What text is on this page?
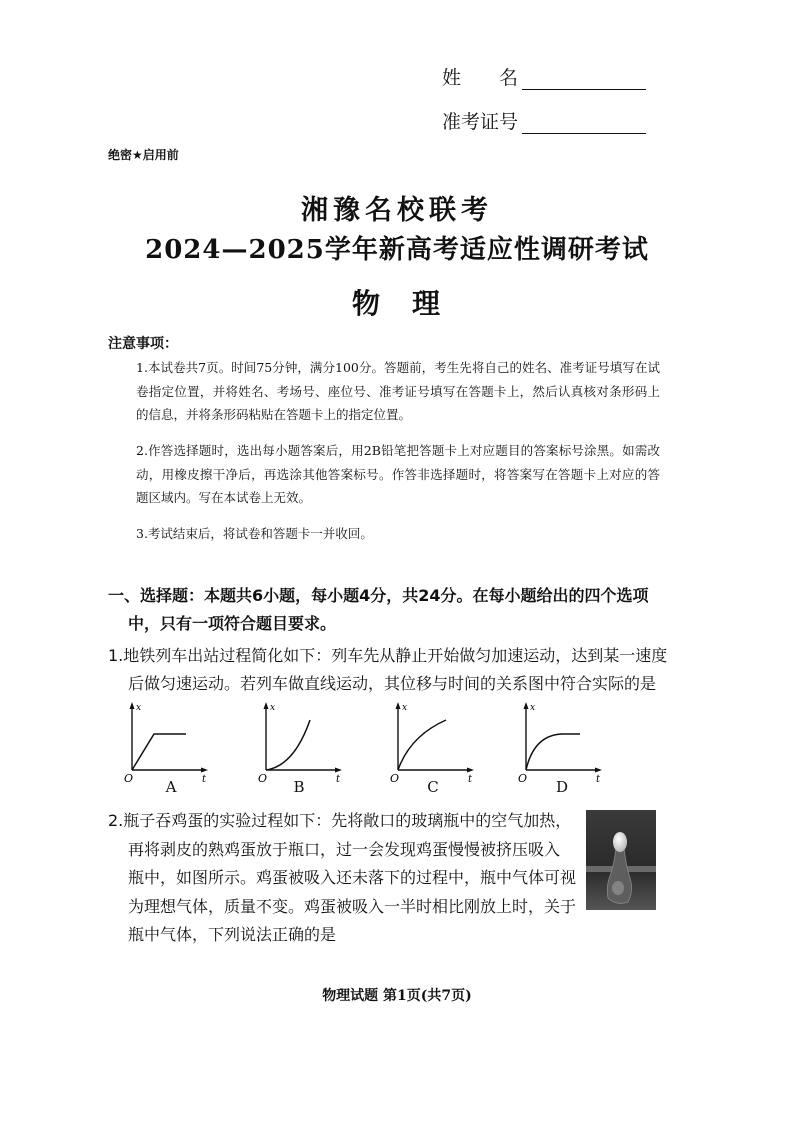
姓　　名
准考证号
绝密★启用前
湘豫名校联考
2024—2025学年新高考适应性调研考试
物　理
注意事项：
1.本试卷共7页。时间75分钟，满分100分。答题前，考生先将自己的姓名、准考证号填写在试卷指定位置，并将姓名、考场号、座位号、准考证号填写在答题卡上，然后认真核对条形码上的信息，并将条形码粘贴在答题卡上的指定位置。
2.作答选择题时，选出每小题答案后，用2B铅笔把答题卡上对应题目的答案标号涂黑。如需改动，用橡皮擦干净后，再选涂其他答案标号。作答非选择题时，将答案写在答题卡上对应的答题区域内。写在本试卷上无效。
3.考试结束后，将试卷和答题卡一并收回。
一、选择题：本题共6小题，每小题4分，共24分。在每小题给出的四个选项
中，只有一项符合题目要求。
1.地铁列车出站过程简化如下：列车先从静止开始做匀加速运动，达到某一速度
后做匀速运动。若列车做直线运动，其位移与时间的关系图中符合实际的是
x
t
O
x
t
O
x
t
O
x
t
O
A	B	C	D
2.瓶子吞鸡蛋的实验过程如下：先将敞口的玻璃瓶中的空气加热，
再将剥皮的熟鸡蛋放于瓶口，过一会发现鸡蛋慢慢被挤压吸入
瓶中，如图所示。鸡蛋被吸入还未落下的过程中，瓶中气体可视
为理想气体，质量不变。鸡蛋被吸入一半时相比刚放上时，关于
瓶中气体，下列说法正确的是
物理试题 第1页(共7页)
